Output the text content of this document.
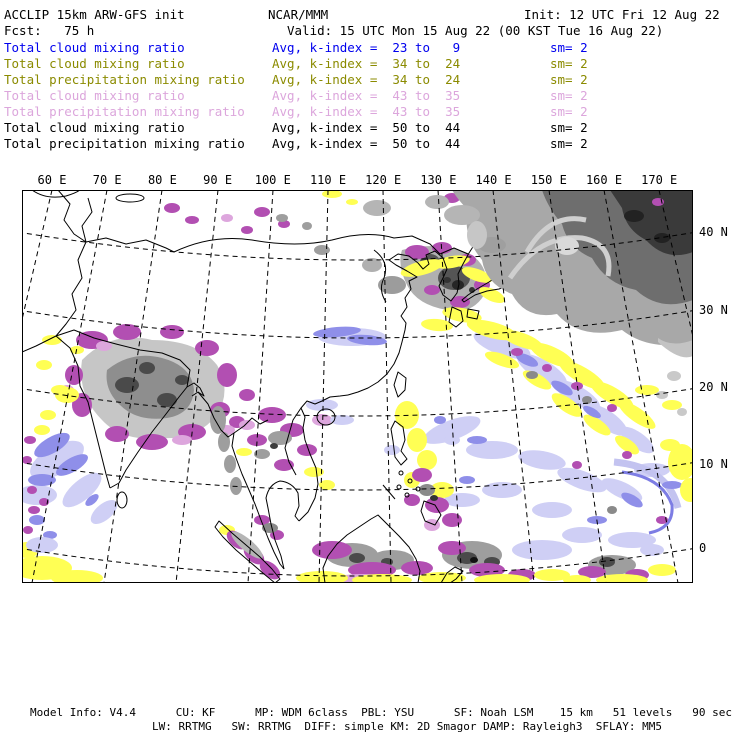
ACCLIP 15km ARW-GFS init	NCAR/MMM	Init: 12 UTC Fri 12 Aug 22
Fcst:   75 h	Valid: 15 UTC Mon 15 Aug 22 (00 KST Tue 16 Aug 22)
Total cloud mixing ratio	Avg, k-index =  23 to   9	sm= 2
Total cloud mixing ratio	Avg, k-index =  34 to  24	sm= 2
Total precipitation mixing ratio Avg, k-index =  34 to  24	sm= 2
Total cloud mixing ratio	Avg, k-index =  43 to  35	sm= 2
Total precipitation mixing ratio Avg, k-index =  43 to  35	sm= 2
Total cloud mixing ratio	Avg, k-index =  50 to  44	sm= 2
Total precipitation mixing ratio Avg, k-index =  50 to  44	sm= 2
60 E 70 E 80 E 90 E 100 E 110 E 120 E 130 E 140 E 150 E 160 E 170 E
40 N
30 N
20 N
10 N
0
Model Info: V4.4      CU: KF      MP: WDM 6class  PBL: YSU      SF: Noah LSM    15 km   51 levels   90 sec
LW: RRTMG   SW: RRTMG  DIFF: simple KM: 2D Smagor DAMP: Rayleigh3  SFLAY: MM5
